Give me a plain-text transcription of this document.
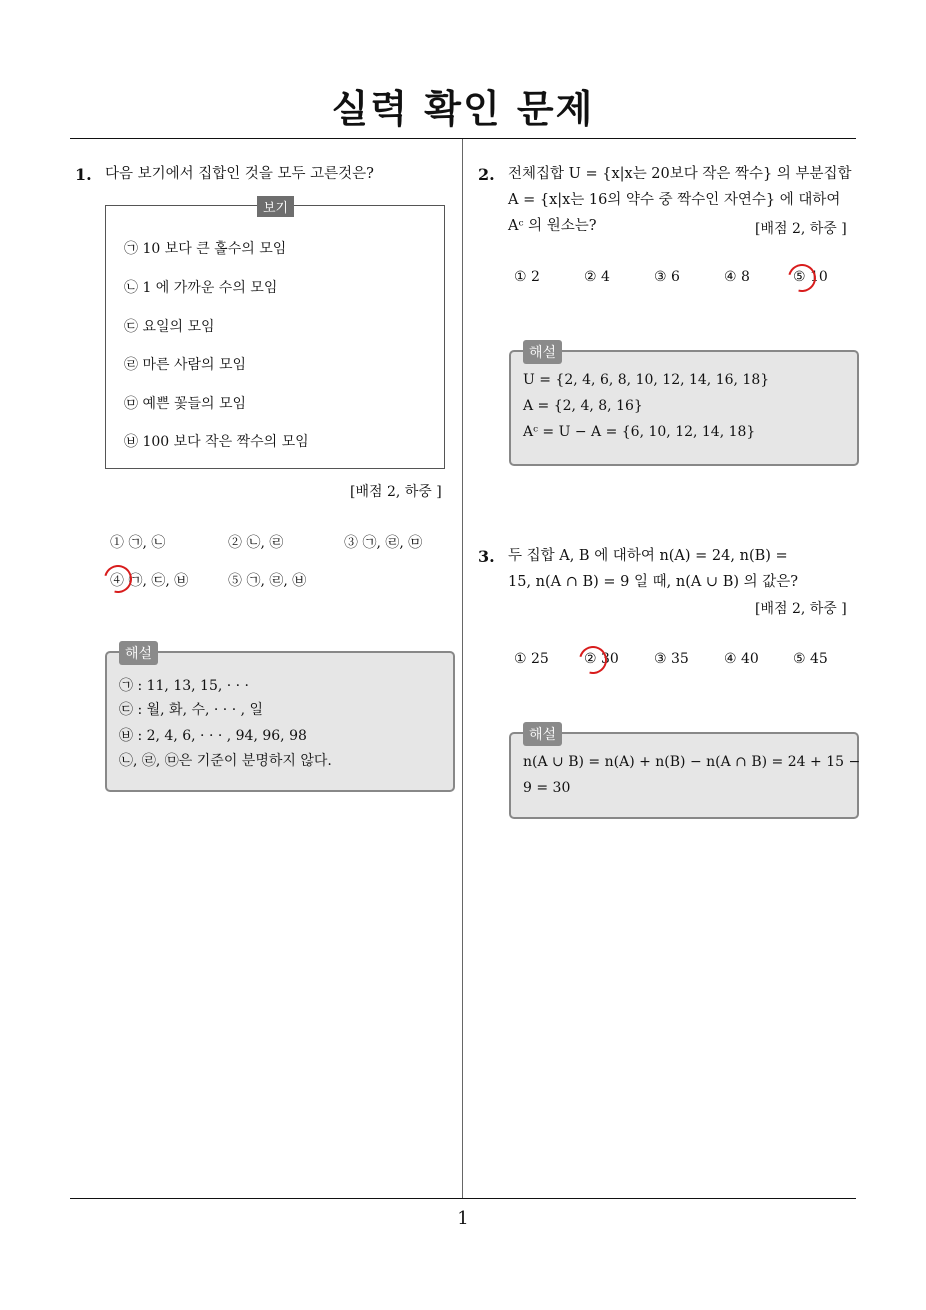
실력 확인 문제
1. 다음 보기에서 집합인 것을 모두 고른것은?
보기
㉠ 10 보다 큰 홀수의 모임
㉡ 1 에 가까운 수의 모임
㉢ 요일의 모임
㉣ 마른 사람의 모임
㉤ 예쁜 꽃들의 모임
㉥ 100 보다 작은 짝수의 모임
[배점 2, 하중 ]
① ㉠, ㉡	② ㉡, ㉣	③ ㉠, ㉣, ㉤
④ ㉠, ㉢, ㉥	⑤ ㉠, ㉣, ㉥
해설
㉠ : 11, 13, 15, · · ·
㉢ : 월, 화, 수, · · · , 일
㉥ : 2, 4, 6, · · · , 94, 96, 98
㉡, ㉣, ㉤은 기준이 분명하지 않다.
2. 전체집합 U = {x|x는 20보다 작은 짝수} 의 부분집합
A = {x|x는 16의 약수 중 짝수인 자연수} 에 대하여
Aᶜ 의 원소는?	[배점 2, 하중 ]
① 2	② 4	③ 6	④ 8	⑤ 10
해설
U = {2, 4, 6, 8, 10, 12, 14, 16, 18}
A = {2, 4, 8, 16}
Aᶜ = U − A = {6, 10, 12, 14, 18}
3. 두 집합 A, B 에 대하여 n(A) = 24, n(B) =
15, n(A ∩ B) = 9 일 때, n(A ∪ B) 의 값은?
[배점 2, 하중 ]
① 25	② 30	③ 35	④ 40 ⑤ 45
해설
n(A ∪ B) = n(A) + n(B) − n(A ∩ B) = 24 + 15 −
9 = 30
1
